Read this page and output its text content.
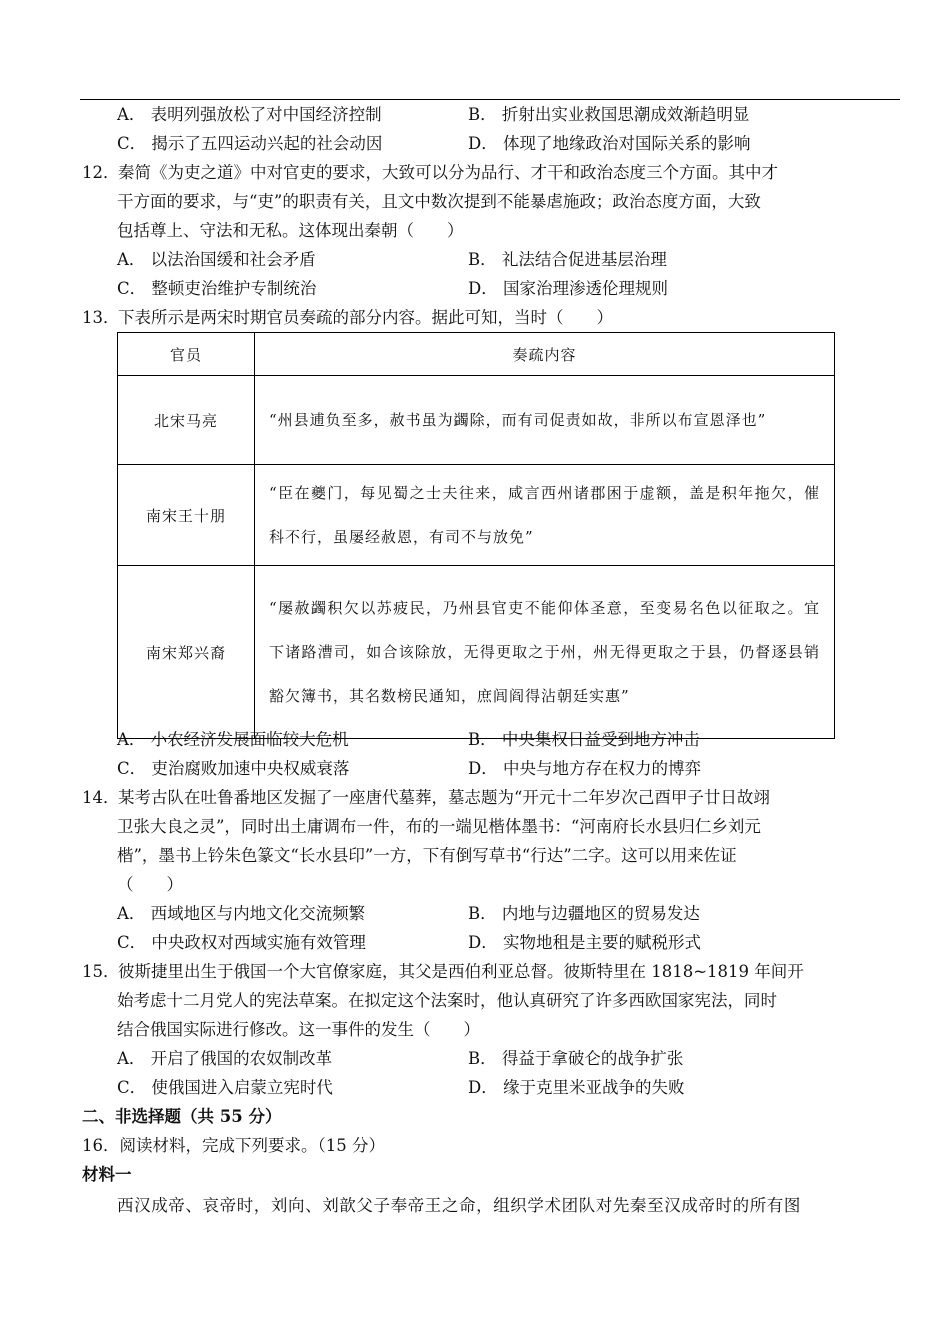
A． 表明列强放松了对中国经济控制	B． 折射出实业救国思潮成效渐趋明显
C． 揭示了五四运动兴起的社会动因	D． 体现了地缘政治对国际关系的影响
12．秦简《为吏之道》中对官吏的要求，大致可以分为品行、才干和政治态度三个方面。其中才
干方面的要求，与“吏”的职责有关，且文中数次提到不能暴虐施政；政治态度方面，大致
包括尊上、守法和无私。这体现出秦朝（　　）
A． 以法治国缓和社会矛盾	B． 礼法结合促进基层治理
C． 整顿吏治维护专制统治	D． 国家治理渗透伦理规则
13．下表所示是两宋时期官员奏疏的部分内容。据此可知，当时（　　）
官员	奏疏内容
北宋马亮	“州县逋负至多，赦书虽为蠲除，而有司促责如故，非所以布宣恩泽也”
南宋王十朋	“臣在夔门，每见蜀之士夫往来，咸言西州诸郡困于虚额，盖是积年拖欠，催科不行，虽屡经赦恩，有司不与放免”
南宋郑兴裔	“屡赦蠲积欠以苏疲民，乃州县官吏不能仰体圣意，至变易名色以征取之。宜下诸路漕司，如合该除放，无得更取之于州，州无得更取之于县，仍督逐县销豁欠簿书，其名数榜民通知，庶闾阎得沾朝廷实惠”
A． 小农经济发展面临较大危机	B． 中央集权日益受到地方冲击
C． 吏治腐败加速中央权威衰落	D． 中央与地方存在权力的博弈
14．某考古队在吐鲁番地区发掘了一座唐代墓葬，墓志题为“开元十二年岁次己酉甲子廿日故翊
卫张大良之灵”，同时出土庸调布一件，布的一端见楷体墨书：“河南府长水县归仁乡刘元
楷”，墨书上钤朱色篆文“长水县印”一方，下有倒写草书“行达”二字。这可以用来佐证
（　　）
A． 西域地区与内地文化交流频繁	B． 内地与边疆地区的贸易发达
C． 中央政权对西域实施有效管理	D． 实物地租是主要的赋税形式
15．彼斯捷里出生于俄国一个大官僚家庭，其父是西伯利亚总督。彼斯特里在 1818~1819 年间开
始考虑十二月党人的宪法草案。在拟定这个法案时，他认真研究了许多西欧国家宪法，同时
结合俄国实际进行修改。这一事件的发生（　　）
A． 开启了俄国的农奴制改革	B． 得益于拿破仑的战争扩张
C． 使俄国进入启蒙立宪时代	D． 缘于克里米亚战争的失败
二、非选择题（共 55 分）
16．阅读材料，完成下列要求。（15 分）
材料一
西汉成帝、哀帝时，刘向、刘歆父子奉帝王之命，组织学术团队对先秦至汉成帝时的所有图
